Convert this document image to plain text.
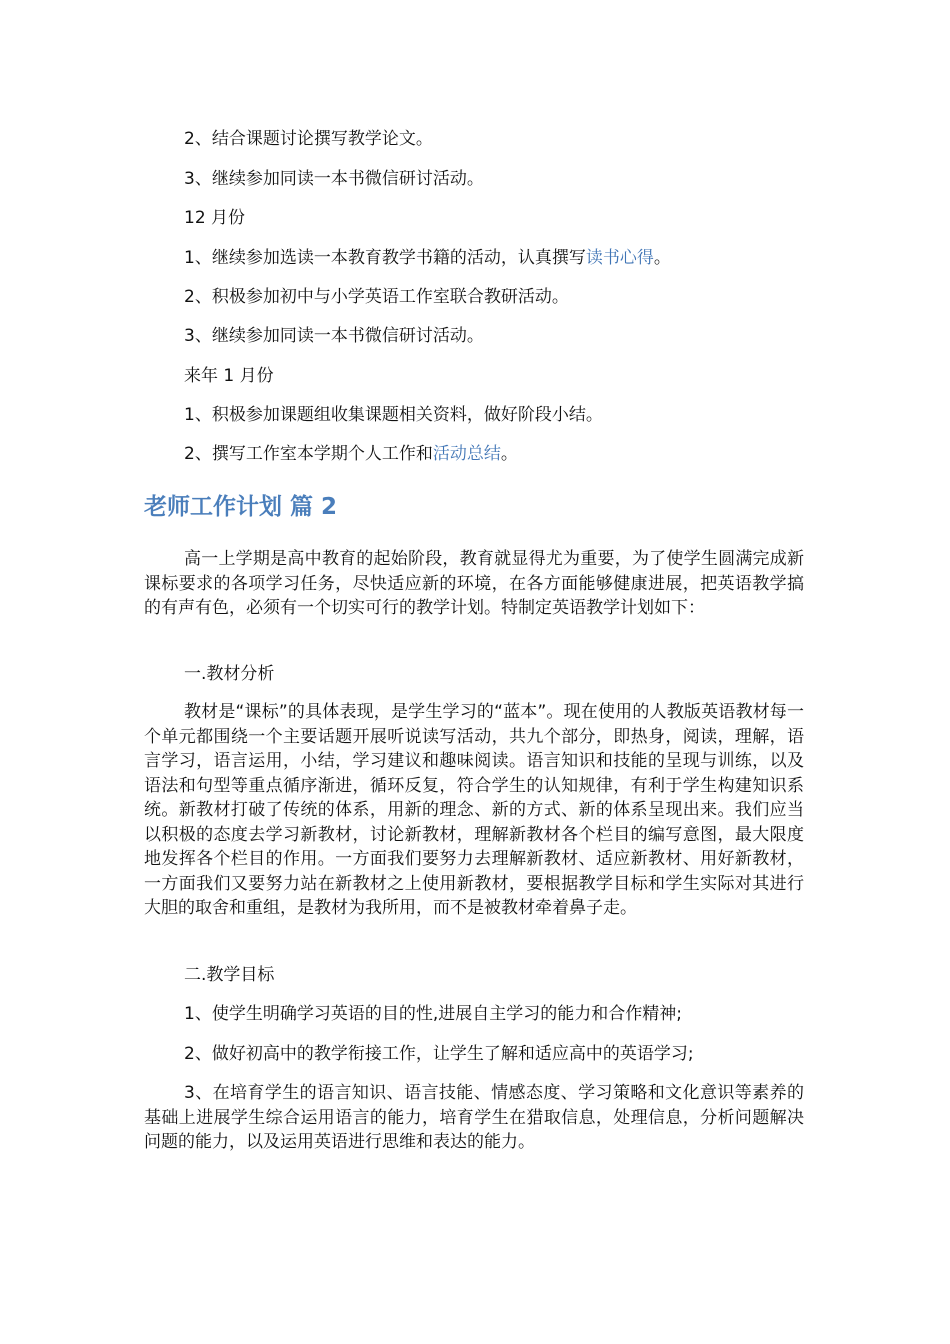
2、结合课题讨论撰写教学论文。
3、继续参加同读一本书微信研讨活动。
12 月份
1、继续参加选读一本教育教学书籍的活动，认真撰写读书心得。
2、积极参加初中与小学英语工作室联合教研活动。
3、继续参加同读一本书微信研讨活动。
来年 1 月份
1、积极参加课题组收集课题相关资料，做好阶段小结。
2、撰写工作室本学期个人工作和活动总结。
老师工作计划 篇 2
高一上学期是高中教育的起始阶段，教育就显得尤为重要，为了使学生圆满完成新课标要求的各项学习任务，尽快适应新的环境，在各方面能够健康进展，把英语教学搞的有声有色，必须有一个切实可行的教学计划。特制定英语教学计划如下：
一.教材分析
教材是“课标”的具体表现，是学生学习的“蓝本”。现在使用的人教版英语教材每一个单元都围绕一个主要话题开展听说读写活动，共九个部分，即热身，阅读，理解，语言学习，语言运用，小结，学习建议和趣味阅读。语言知识和技能的呈现与训练，以及语法和句型等重点循序渐进，循环反复，符合学生的认知规律，有利于学生构建知识系统。新教材打破了传统的体系，用新的理念、新的方式、新的体系呈现出来。我们应当以积极的态度去学习新教材，讨论新教材，理解新教材各个栏目的编写意图，最大限度地发挥各个栏目的作用。一方面我们要努力去理解新教材、适应新教材、用好新教材，一方面我们又要努力站在新教材之上使用新教材，要根据教学目标和学生实际对其进行大胆的取舍和重组，是教材为我所用，而不是被教材牵着鼻子走。
二.教学目标
1、使学生明确学习英语的目的性,进展自主学习的能力和合作精神;
2、做好初高中的教学衔接工作，让学生了解和适应高中的英语学习;
3、在培育学生的语言知识、语言技能、情感态度、学习策略和文化意识等素养的基础上进展学生综合运用语言的能力，培育学生在猎取信息，处理信息，分析问题解决问题的能力，以及运用英语进行思维和表达的能力。
